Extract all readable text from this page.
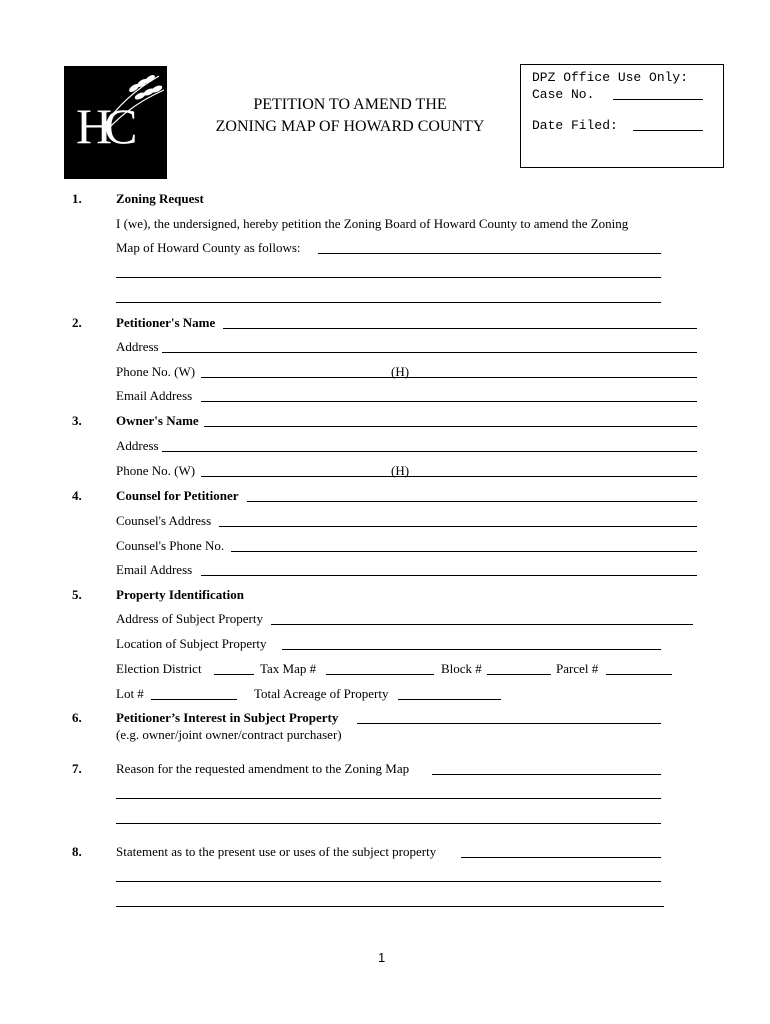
HC	PETITION TO AMEND THE
ZONING MAP OF HOWARD COUNTY
DPZ Office Use Only:
Case No.
Date Filed:
1.	Zoning Request
I (we), the undersigned, hereby petition the Zoning Board of Howard County to amend the Zoning
Map of Howard County as follows:
2.	Petitioner's Name
Address
Phone No. (W)	(H)
Email Address
3.	Owner's Name
Address
Phone No. (W)	(H)
4.	Counsel for Petitioner
Counsel's Address
Counsel's Phone No.
Email Address
5.	Property Identification
Address of Subject Property
Location of Subject Property
Election District	Tax Map #	Block #	Parcel #
Lot #	Total Acreage of Property
6.	Petitioner’s Interest in Subject Property
(e.g. owner/joint owner/contract purchaser)
7.	Reason for the requested amendment to the Zoning Map
8.	Statement as to the present use or uses of the subject property
1
